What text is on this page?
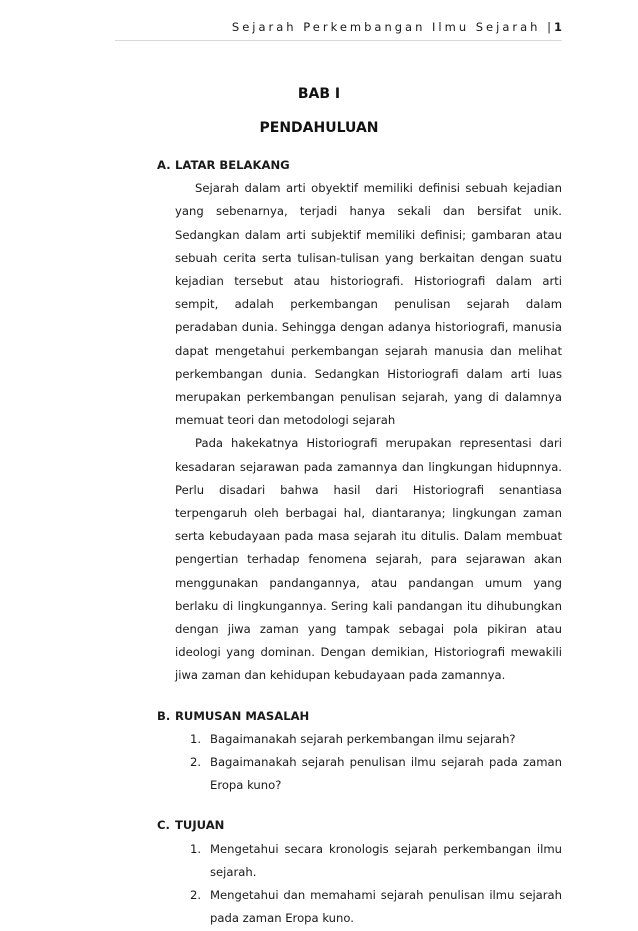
Sejarah Perkembangan Ilmu Sejarah | 1
BAB I
PENDAHULUAN

A. LATAR BELAKANG

Sejarah dalam arti obyektif memiliki definisi sebuah kejadian yang sebenarnya, terjadi hanya sekali dan bersifat unik. Sedangkan dalam arti subjektif memiliki definisi; gambaran atau sebuah cerita serta tulisan-tulisan yang berkaitan dengan suatu kejadian tersebut atau historiografi. Historiografi dalam arti sempit, adalah perkembangan penulisan sejarah dalam peradaban dunia. Sehingga dengan adanya historiografi, manusia dapat mengetahui perkembangan sejarah manusia dan melihat perkembangan dunia. Sedangkan Historiografi dalam arti luas merupakan perkembangan penulisan sejarah, yang di dalamnya memuat teori dan metodologi sejarah

Pada hakekatnya Historiografi merupakan representasi dari kesadaran sejarawan pada zamannya dan lingkungan hidupnnya. Perlu disadari bahwa hasil dari Historiografi senantiasa terpengaruh oleh berbagai hal, diantaranya; lingkungan zaman serta kebudayaan pada masa sejarah itu ditulis. Dalam membuat pengertian terhadap fenomena sejarah, para sejarawan akan menggunakan pandangannya, atau pandangan umum yang berlaku di lingkungannya. Sering kali pandangan itu dihubungkan dengan jiwa zaman yang tampak sebagai pola pikiran atau ideologi yang dominan. Dengan demikian, Historiografi mewakili jiwa zaman dan kehidupan kebudayaan pada zamannya.

B. RUMUSAN MASALAH

1. Bagaimanakah sejarah perkembangan ilmu sejarah?
2. Bagaimanakah sejarah penulisan ilmu sejarah pada zaman Eropa kuno?

C. TUJUAN

1. Mengetahui secara kronologis sejarah perkembangan ilmu sejarah.
2. Mengetahui dan memahami sejarah penulisan ilmu sejarah pada zaman Eropa kuno.
